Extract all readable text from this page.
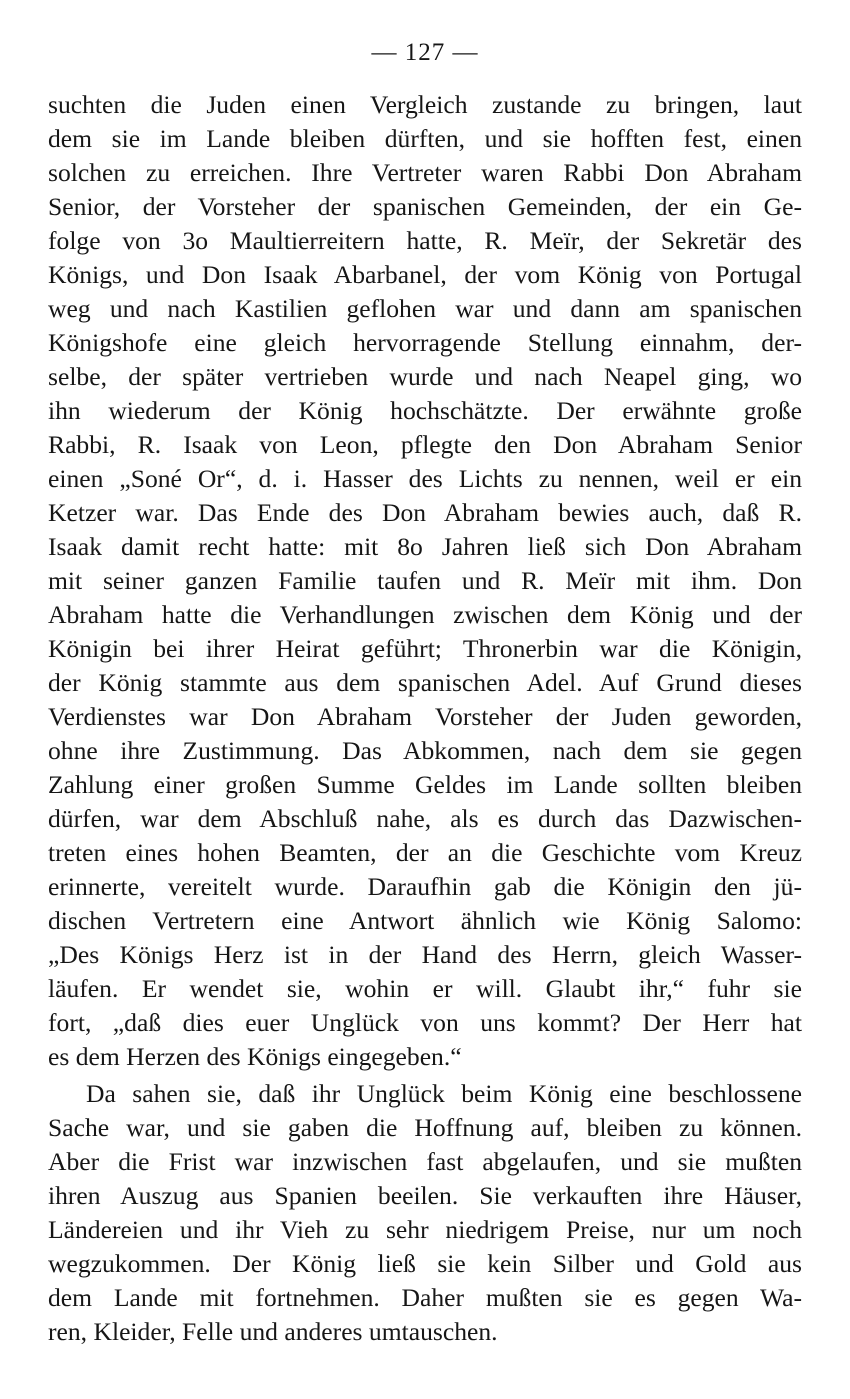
— 127 —
suchten die Juden einen Vergleich zustande zu bringen, laut
dem sie im Lande bleiben dürften, und sie hofften fest, einen
solchen zu erreichen. Ihre Vertreter waren Rabbi Don Abraham
Senior, der Vorsteher der spanischen Gemeinden, der ein Ge-
folge von 3o Maultierreitern hatte, R. Meïr, der Sekretär des
Königs, und Don Isaak Abarbanel, der vom König von Portugal
weg und nach Kastilien geflohen war und dann am spanischen
Königshofe eine gleich hervorragende Stellung einnahm, der-
selbe, der später vertrieben wurde und nach Neapel ging, wo
ihn wiederum der König hochschätzte. Der erwähnte große
Rabbi, R. Isaak von Leon, pflegte den Don Abraham Senior
einen „Soné Or“, d. i. Hasser des Lichts zu nennen, weil er ein
Ketzer war. Das Ende des Don Abraham bewies auch, daß R.
Isaak damit recht hatte: mit 8o Jahren ließ sich Don Abraham
mit seiner ganzen Familie taufen und R. Meïr mit ihm. Don
Abraham hatte die Verhandlungen zwischen dem König und der
Königin bei ihrer Heirat geführt; Thronerbin war die Königin,
der König stammte aus dem spanischen Adel. Auf Grund dieses
Verdienstes war Don Abraham Vorsteher der Juden geworden,
ohne ihre Zustimmung. Das Abkommen, nach dem sie gegen
Zahlung einer großen Summe Geldes im Lande sollten bleiben
dürfen, war dem Abschluß nahe, als es durch das Dazwischen-
treten eines hohen Beamten, der an die Geschichte vom Kreuz
erinnerte, vereitelt wurde. Daraufhin gab die Königin den jü-
dischen Vertretern eine Antwort ähnlich wie König Salomo:
„Des Königs Herz ist in der Hand des Herrn, gleich Wasser-
läufen. Er wendet sie, wohin er will. Glaubt ihr,“ fuhr sie
fort, „daß dies euer Unglück von uns kommt? Der Herr hat
es dem Herzen des Königs eingegeben.“
Da sahen sie, daß ihr Unglück beim König eine beschlossene
Sache war, und sie gaben die Hoffnung auf, bleiben zu können.
Aber die Frist war inzwischen fast abgelaufen, und sie mußten
ihren Auszug aus Spanien beeilen. Sie verkauften ihre Häuser,
Ländereien und ihr Vieh zu sehr niedrigem Preise, nur um noch
wegzukommen. Der König ließ sie kein Silber und Gold aus
dem Lande mit fortnehmen. Daher mußten sie es gegen Wa-
ren, Kleider, Felle und anderes umtauschen.
